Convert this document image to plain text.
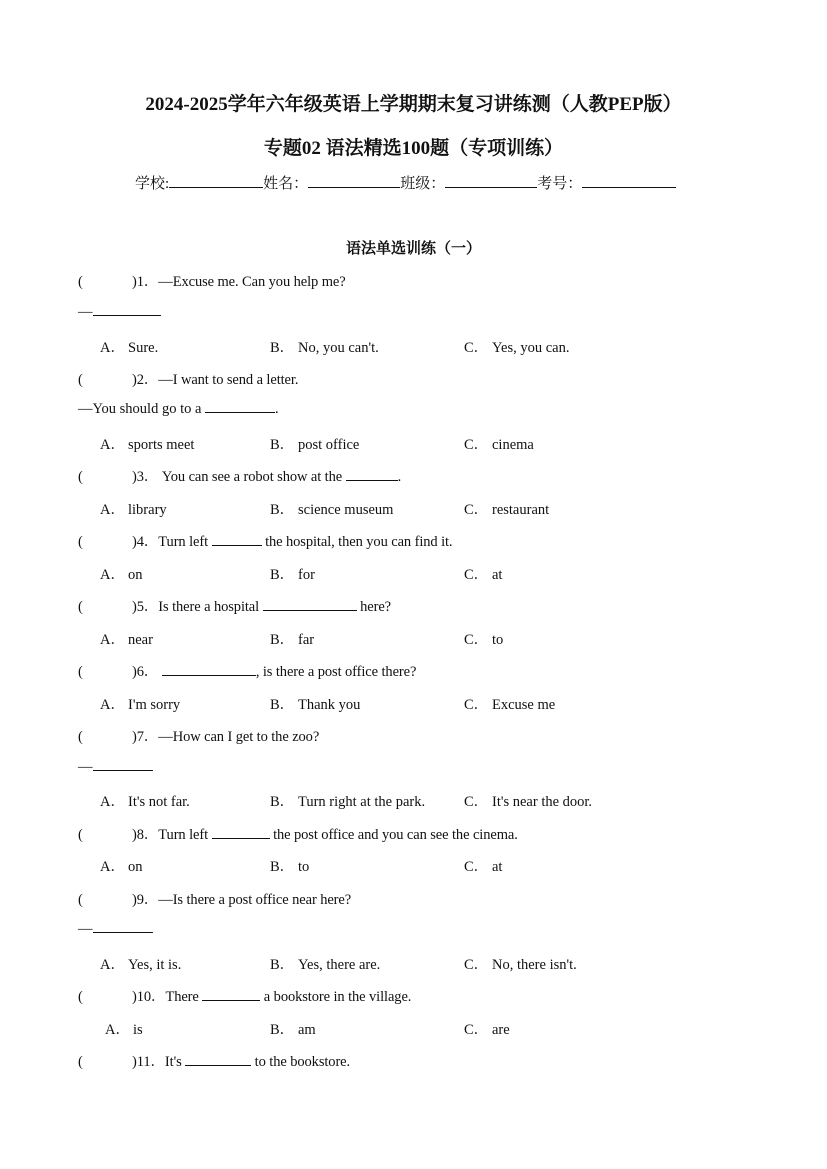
2024-2025学年六年级英语上学期期末复习讲练测（人教PEP版）
专题02 语法精选100题（专项训练）
学校:	姓名：	班级：	考号：
语法单选训练（一）
(	)1．—Excuse me. Can you help me?
—
A． Sure.	B． No, you can't.	C． Yes, you can.
(	)2．—I want to send a letter.
—You should go to a	.
A． sports meet	B． post office	C． cinema
(	)3． You can see a robot show at the	.
A． library	B． science museum	C． restaurant
(	)4．Turn left	the hospital, then you can find it.
A． on	B． for	C． at
(	)5．Is there a hospital	here?
A． near	B． far	C． to
(	)6．	, is there a post office there?
A． I'm sorry	B． Thank you	C． Excuse me
(	)7．—How can I get to the zoo?
—
A． It's not far.	B． Turn right at the park.	C． It's near the door.
(	)8．Turn left	the post office and you can see the cinema.
A． on	B． to	C． at
(	)9．—Is there a post office near here?
—
A． Yes, it is.	B． Yes, there are.	C． No, there isn't.
(	)10．There	a bookstore in the village.
A． is	B． am	C． are
(	)11．It's	to the bookstore.
